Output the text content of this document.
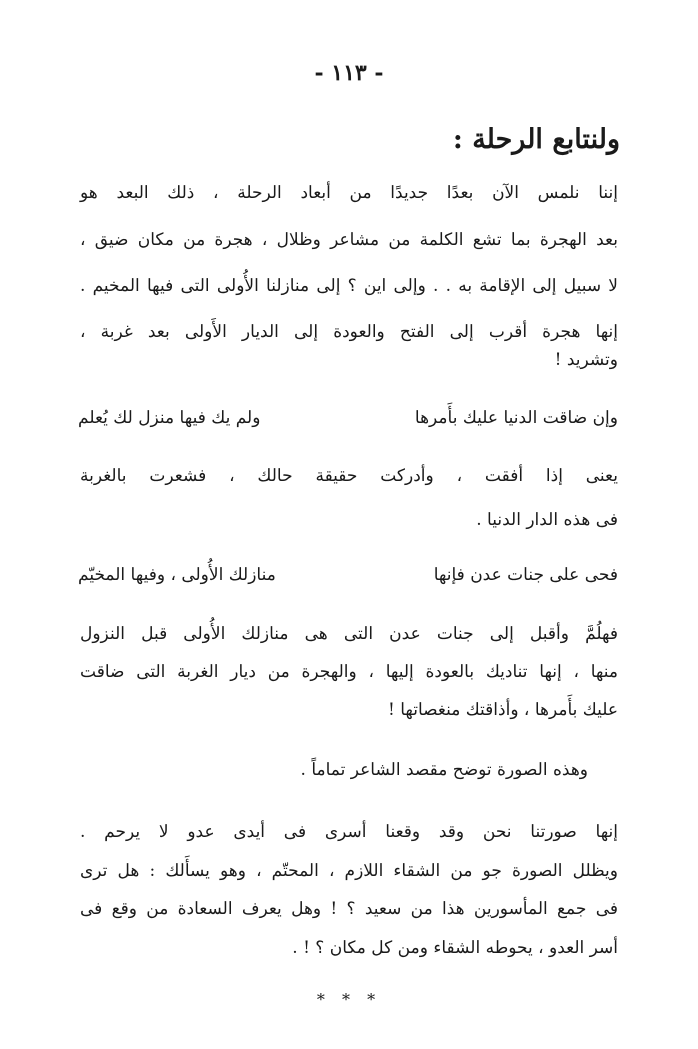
- ١١٣ -
ولنتابع الرحلة :
إننا نلمس الآن بعدًا جديدًا من أبعاد الرحلة ، ذلك البعد هو
بعد الهجرة بما تشع الكلمة من مشاعر وظلال ، هجرة من مكان ضيق ،
لا سبيل إلى الإقامة به . . وإلى اين ؟ إلى منازلنا الأُولى التى فيها المخيم .
إنها هجرة أقرب إلى الفتح والعودة إلى الديار الأَولى بعد غربة ،
وتشريد !
وإن ضاقت الدنيا عليك بأَمرها
ولم يك فيها منزل لك يُعلم
يعنى إذا أفقت ، وأدركت حقيقة حالك ، فشعرت بالغربة
فى هذه الدار الدنيا .
فحى على جنات عدن فإنها
منازلك الأُولى ، وفيها المخيّم
فهلُمَّ وأقبل إلى جنات عدن التى هى منازلك الأُولى قبل النزول
منها ، إنها تناديك بالعودة إليها ، والهجرة من ديار الغربة التى ضاقت
عليك بأَمرها ، وأذاقتك منغصاتها !
وهذه الصورة توضح مقصد الشاعر تماماً .
إنها صورتنا نحن وقد وقعنا أسرى فى أيدى عدو لا يرحم .
ويظلل الصورة جو من الشقاء اللازم ، المحتّم ، وهو يسأَلك : هل ترى
فى جمع المأسورين هذا من سعيد ؟ ! وهل يعرف السعادة من وقع فى
أسر العدو ، يحوطه الشقاء ومن كل مكان ؟ ! .
* * *
